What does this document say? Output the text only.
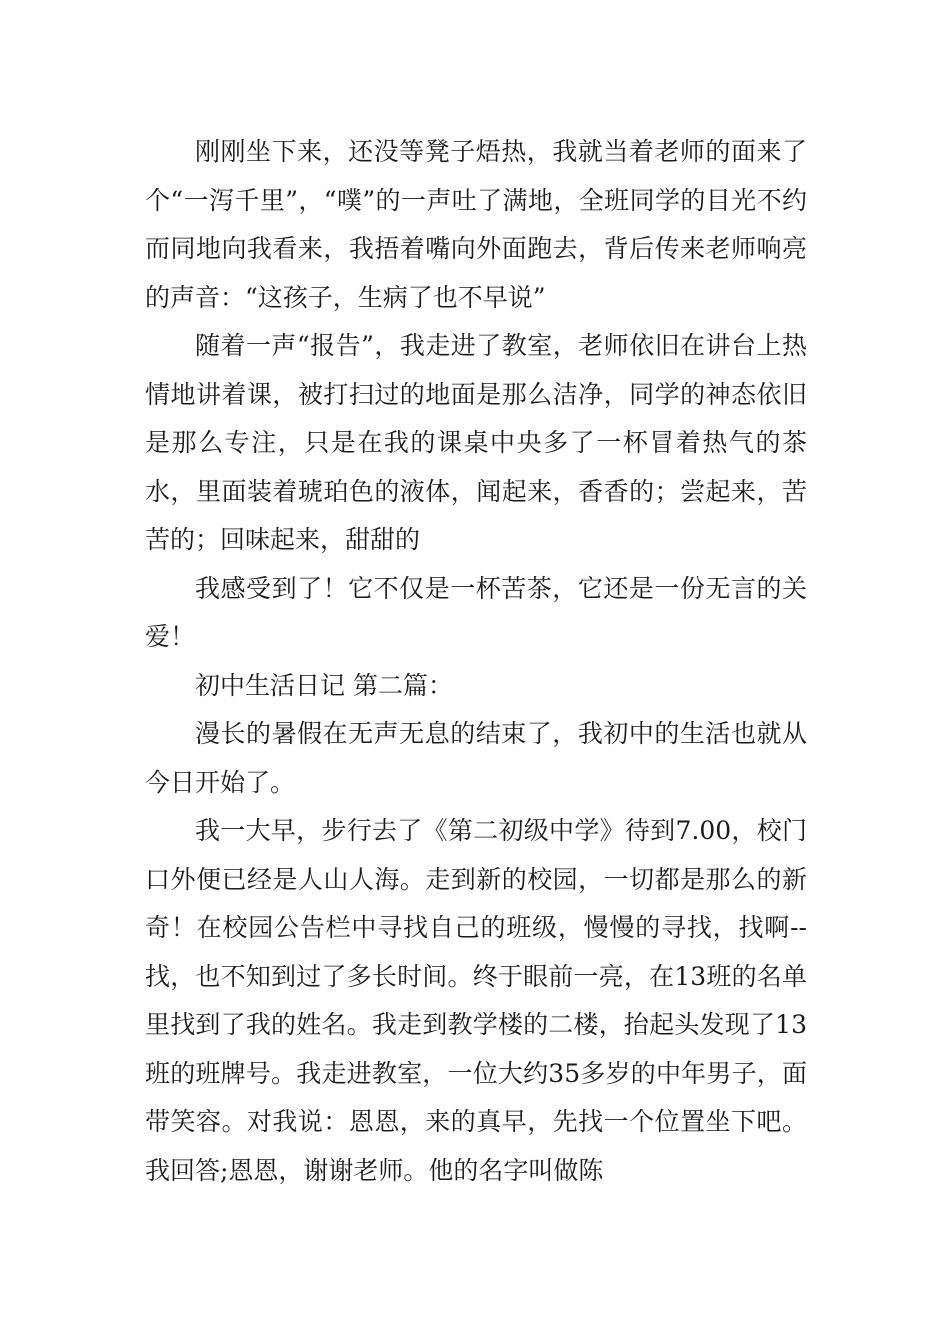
刚刚坐下来，还没等凳子焐热，我就当着老师的面来了个“一泻千里”，“噗”的一声吐了满地，全班同学的目光不约而同地向我看来，我捂着嘴向外面跑去，背后传来老师响亮的声音：“这孩子，生病了也不早说”

随着一声“报告”，我走进了教室，老师依旧在讲台上热情地讲着课，被打扫过的地面是那么洁净，同学的神态依旧是那么专注，只是在我的课桌中央多了一杯冒着热气的茶水，里面装着琥珀色的液体，闻起来，香香的；尝起来，苦苦的；回味起来，甜甜的

我感受到了！它不仅是一杯苦茶，它还是一份无言的关爱！

初中生活日记 第二篇：

漫长的暑假在无声无息的结束了，我初中的生活也就从今日开始了。

我一大早，步行去了《第二初级中学》待到7.00，校门口外便已经是人山人海。走到新的校园，一切都是那么的新奇！在校园公告栏中寻找自己的班级，慢慢的寻找，找啊--找，也不知到过了多长时间。终于眼前一亮，在13班的名单里找到了我的姓名。我走到教学楼的二楼，抬起头发现了13班的班牌号。我走进教室，一位大约35多岁的中年男子，面带笑容。对我说：恩恩，来的真早，先找一个位置坐下吧。我回答;恩恩，谢谢老师。他的名字叫做陈
